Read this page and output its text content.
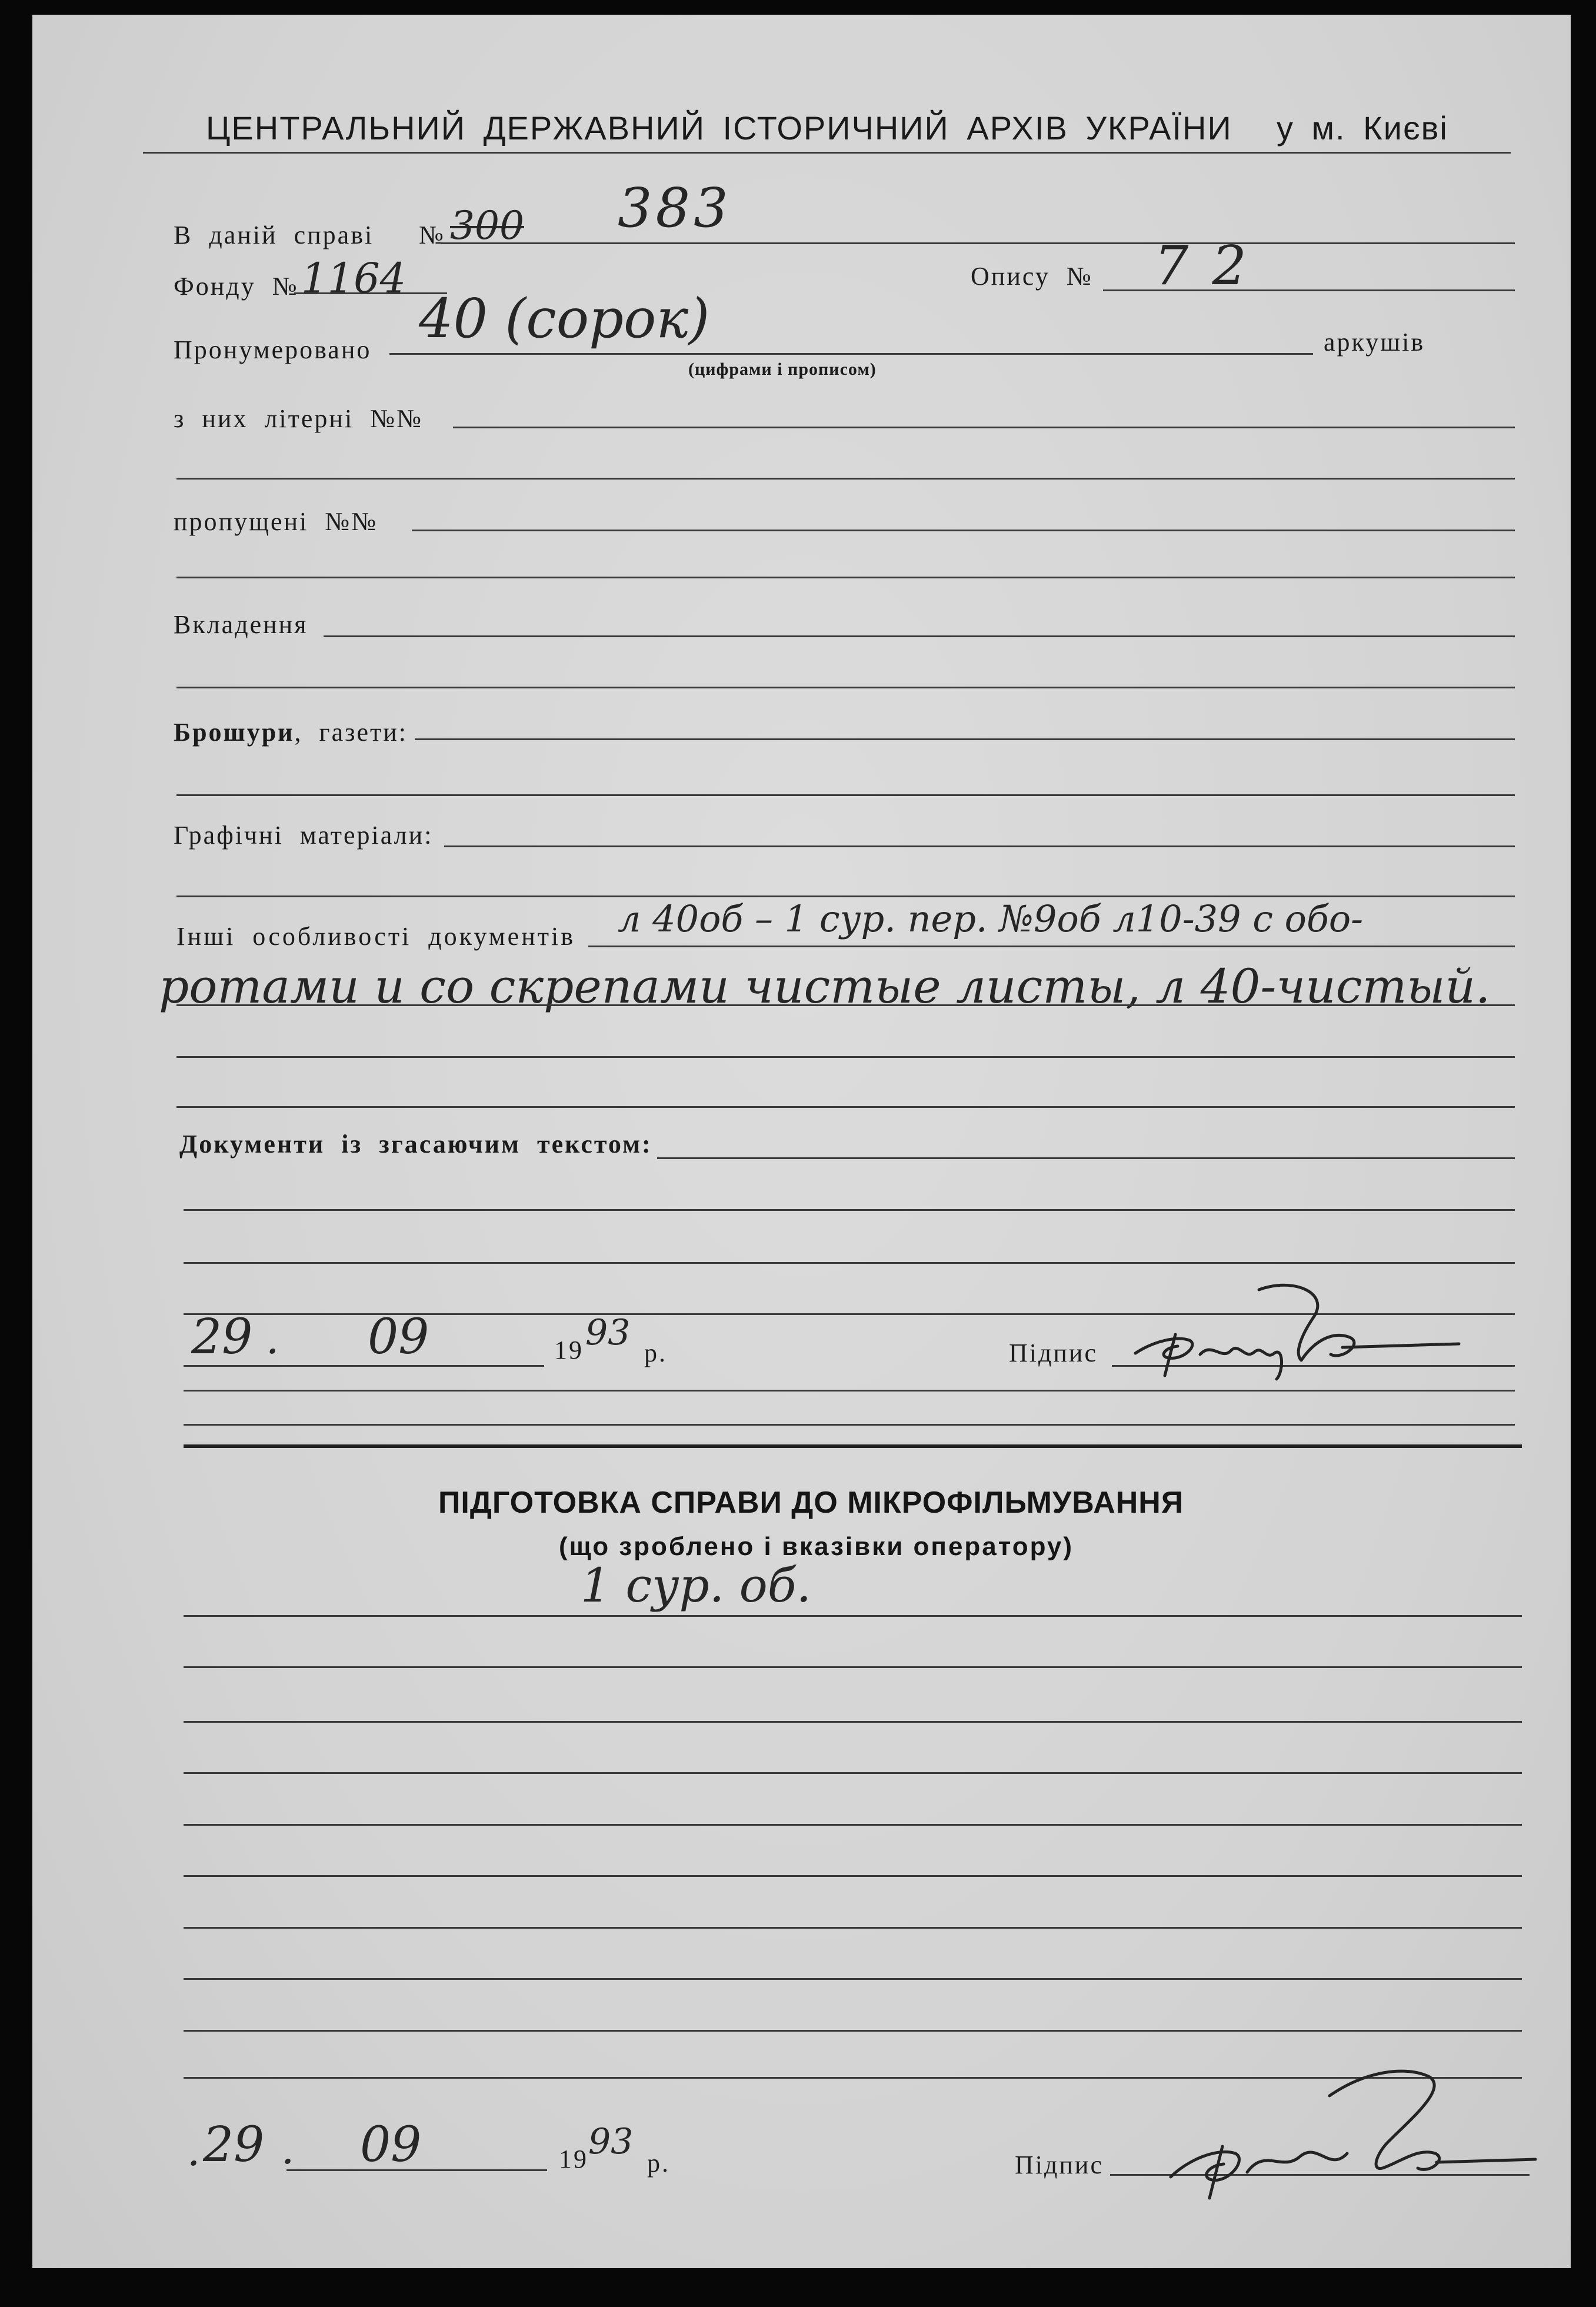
ЦЕНТРАЛЬНИЙ ДЕРЖАВНИЙ ІСТОРИЧНИЙ АРХІВ УКРАЇНИ у м. Києві
В даній справі № 300 383
Фонду № 1164	Опису № 72
Пронумеровано 40 (сорок)
(цифрами і прописом)
аркушів
з них літерні №№
пропущені №№
Вкладення
Брошури, газети:
Графічні матеріали:
Інші особливості документів л 40об – 1 сур. пер. №9об л10-39 с обо-
ротами и со скрепами чистые листы, л 40-чистый.
Документи із згасаючим текстом:
29 . 09	19 93 р.	Підпис
ПІДГОТОВКА СПРАВИ ДО МІКРОФІЛЬМУВАННЯ
(що зроблено і вказівки оператору)
1 сур. об.
. 29 . 09	19 93
р.	Підпис
